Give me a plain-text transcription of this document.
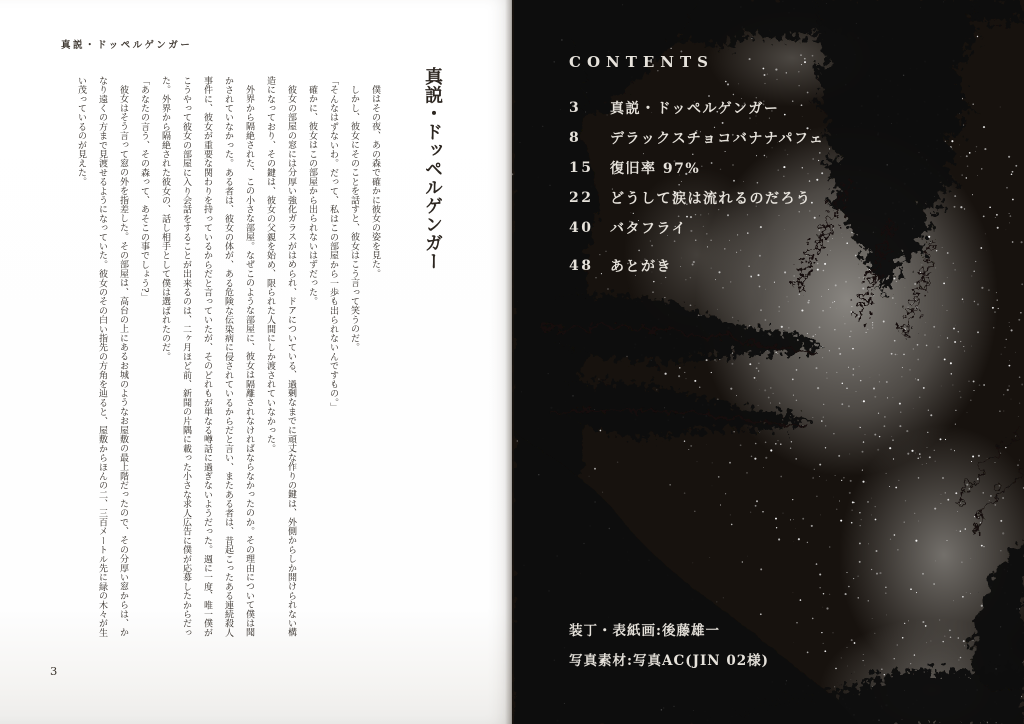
真説・ドッペルゲンガー
真説・ドッペルゲンガー

僕はその夜、あの森で確かに彼女の姿を見た。

しかし、彼女にそのことを話すと、彼女はこう言って笑うのだ。

「そんなはずないわ。だって、私はこの部屋から一歩も出られないんですもの。」

確かに、彼女はこの部屋から出られないはずだった。

彼女の部屋の窓には分厚い強化ガラスがはめられ、ドアについている、過剰なまでに頑丈な作りの鍵は、外側からしか開けられない構造になっており、その鍵は、彼女の父親を始め、限られた人間にしか渡されていなかった。

外界から隔絶された、この小さな部屋。なぜこのような部屋に、彼女は隔離されなければならなかったのか。その理由について僕は聞かされていなかった。ある者は、彼女の体が、ある危険な伝染病に侵されているからだと言い、またある者は、昔起こったある連続殺人事件に、彼女が重要な関わりを持っているからだと言っていたが、そのどれもが単なる噂話に過ぎないようだった。週に一度、唯一僕がこうやって彼女の部屋に入り会話をすることが出来るのは、二ヶ月ほど前、新聞の片隅に載った小さな求人広告に僕が応募したからだった。外界から隔絶された彼女の、話し相手として僕は選ばれたのだ。

「あなたの言う、その森って、あそこの事でしょう?」

彼女はそう言って窓の外を指差した。その部屋は、高台の上にあるお城のようなお屋敷の最上階だったので、その分厚い窓からは、かなり遠くの方まで見渡せるようになっていた。彼女のその白い指先の方角を辿ると、屋敷からほんの二、三百メートル先に緑の木々が生い茂っているのが見えた。

3
CONTENTS
3	真説・ドッペルゲンガー
8	デラックスチョコバナナパフェ
15	復旧率 97%
22	どうして涙は流れるのだろう
40	バタフライ
48	あとがき
装丁・表紙画:後藤雄一
写真素材:写真AC(JIN 02様)
